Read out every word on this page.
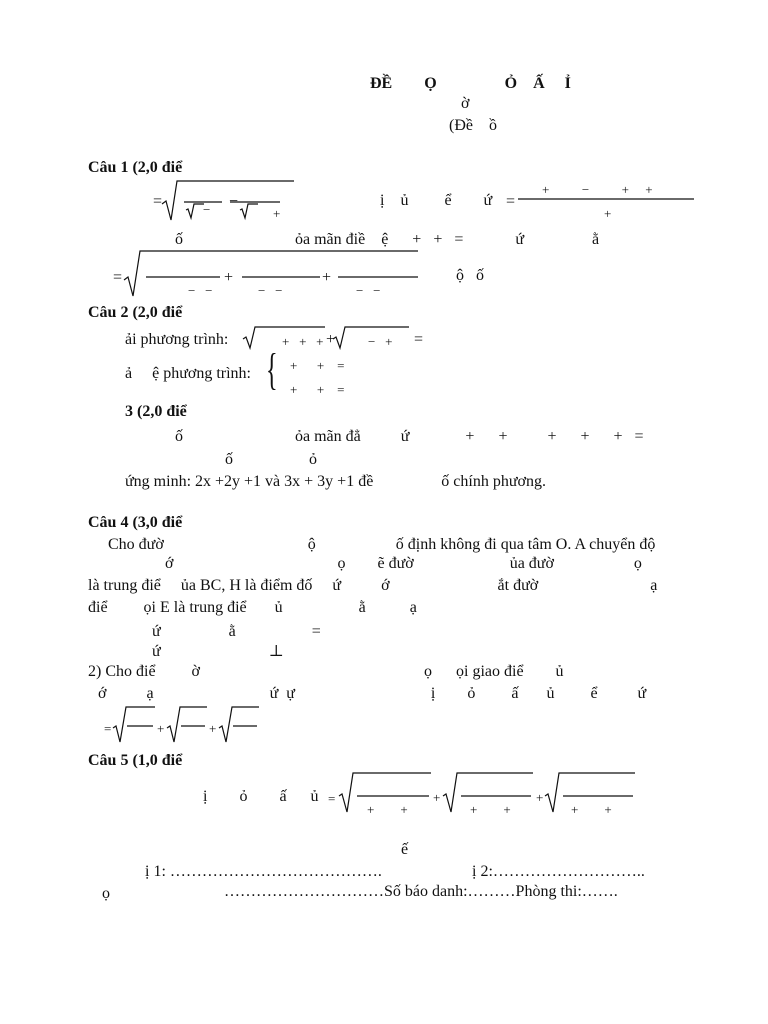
ĐỀ        Ọ                 Ỏ    Ấ     Ỉ
ờ
(Đề    ồ
Câu 1 (2,0 điể
=	−	+
−	ị    ủ         ể        ứ =
+          −          +     +
+
ố                            ỏa mãn điề    ệ      +   +   =             ứ                 ằ
=
−   −	−   −	−   −
+	+	ộ   ố
Câu 2 (2,0 điể
ải phương trình:	+   +   + +	−   + =
ả     ệ phương trình: { +      +    =
+      +    =
3 (2,0 điể
ố                            ỏa mãn đẳ          ứ              +      +          +      +      +   =
ố                   ỏ
ứng minh: 2x +2y +1 và 3x + 3y +1 đề                 ố chính phương.
Câu 4 (3,0 điể
Cho đườ                                    ộ                    ố định không đi qua tâm O. A chuyển độ
ớ                                         ọ        ẽ đườ                        ủa đườ                    ọ
là trung điể     ủa BC, H là điểm đố     ứ          ớ                           ắt đườ                            ạ
điể         ọi E là trung điể       ủ                   ằ           ạ
ứ                 ằ                   =
ứ                           ⊥
2) Cho điể         ờ                                                        ọ      ọi giao điể        ủ
ớ          ạ                             ứ  ự                                  ị        ỏ         ấ       ủ         ể          ứ
=	+	+
Câu 5 (1,0 điể
ị        ỏ        ấ      ủ =
+        +	+        +	+        +
+	+
ế
ị 1: ………………………………….	ị 2:………………………..
ọ	…………………………Số báo danh:………Phòng thi:…….
